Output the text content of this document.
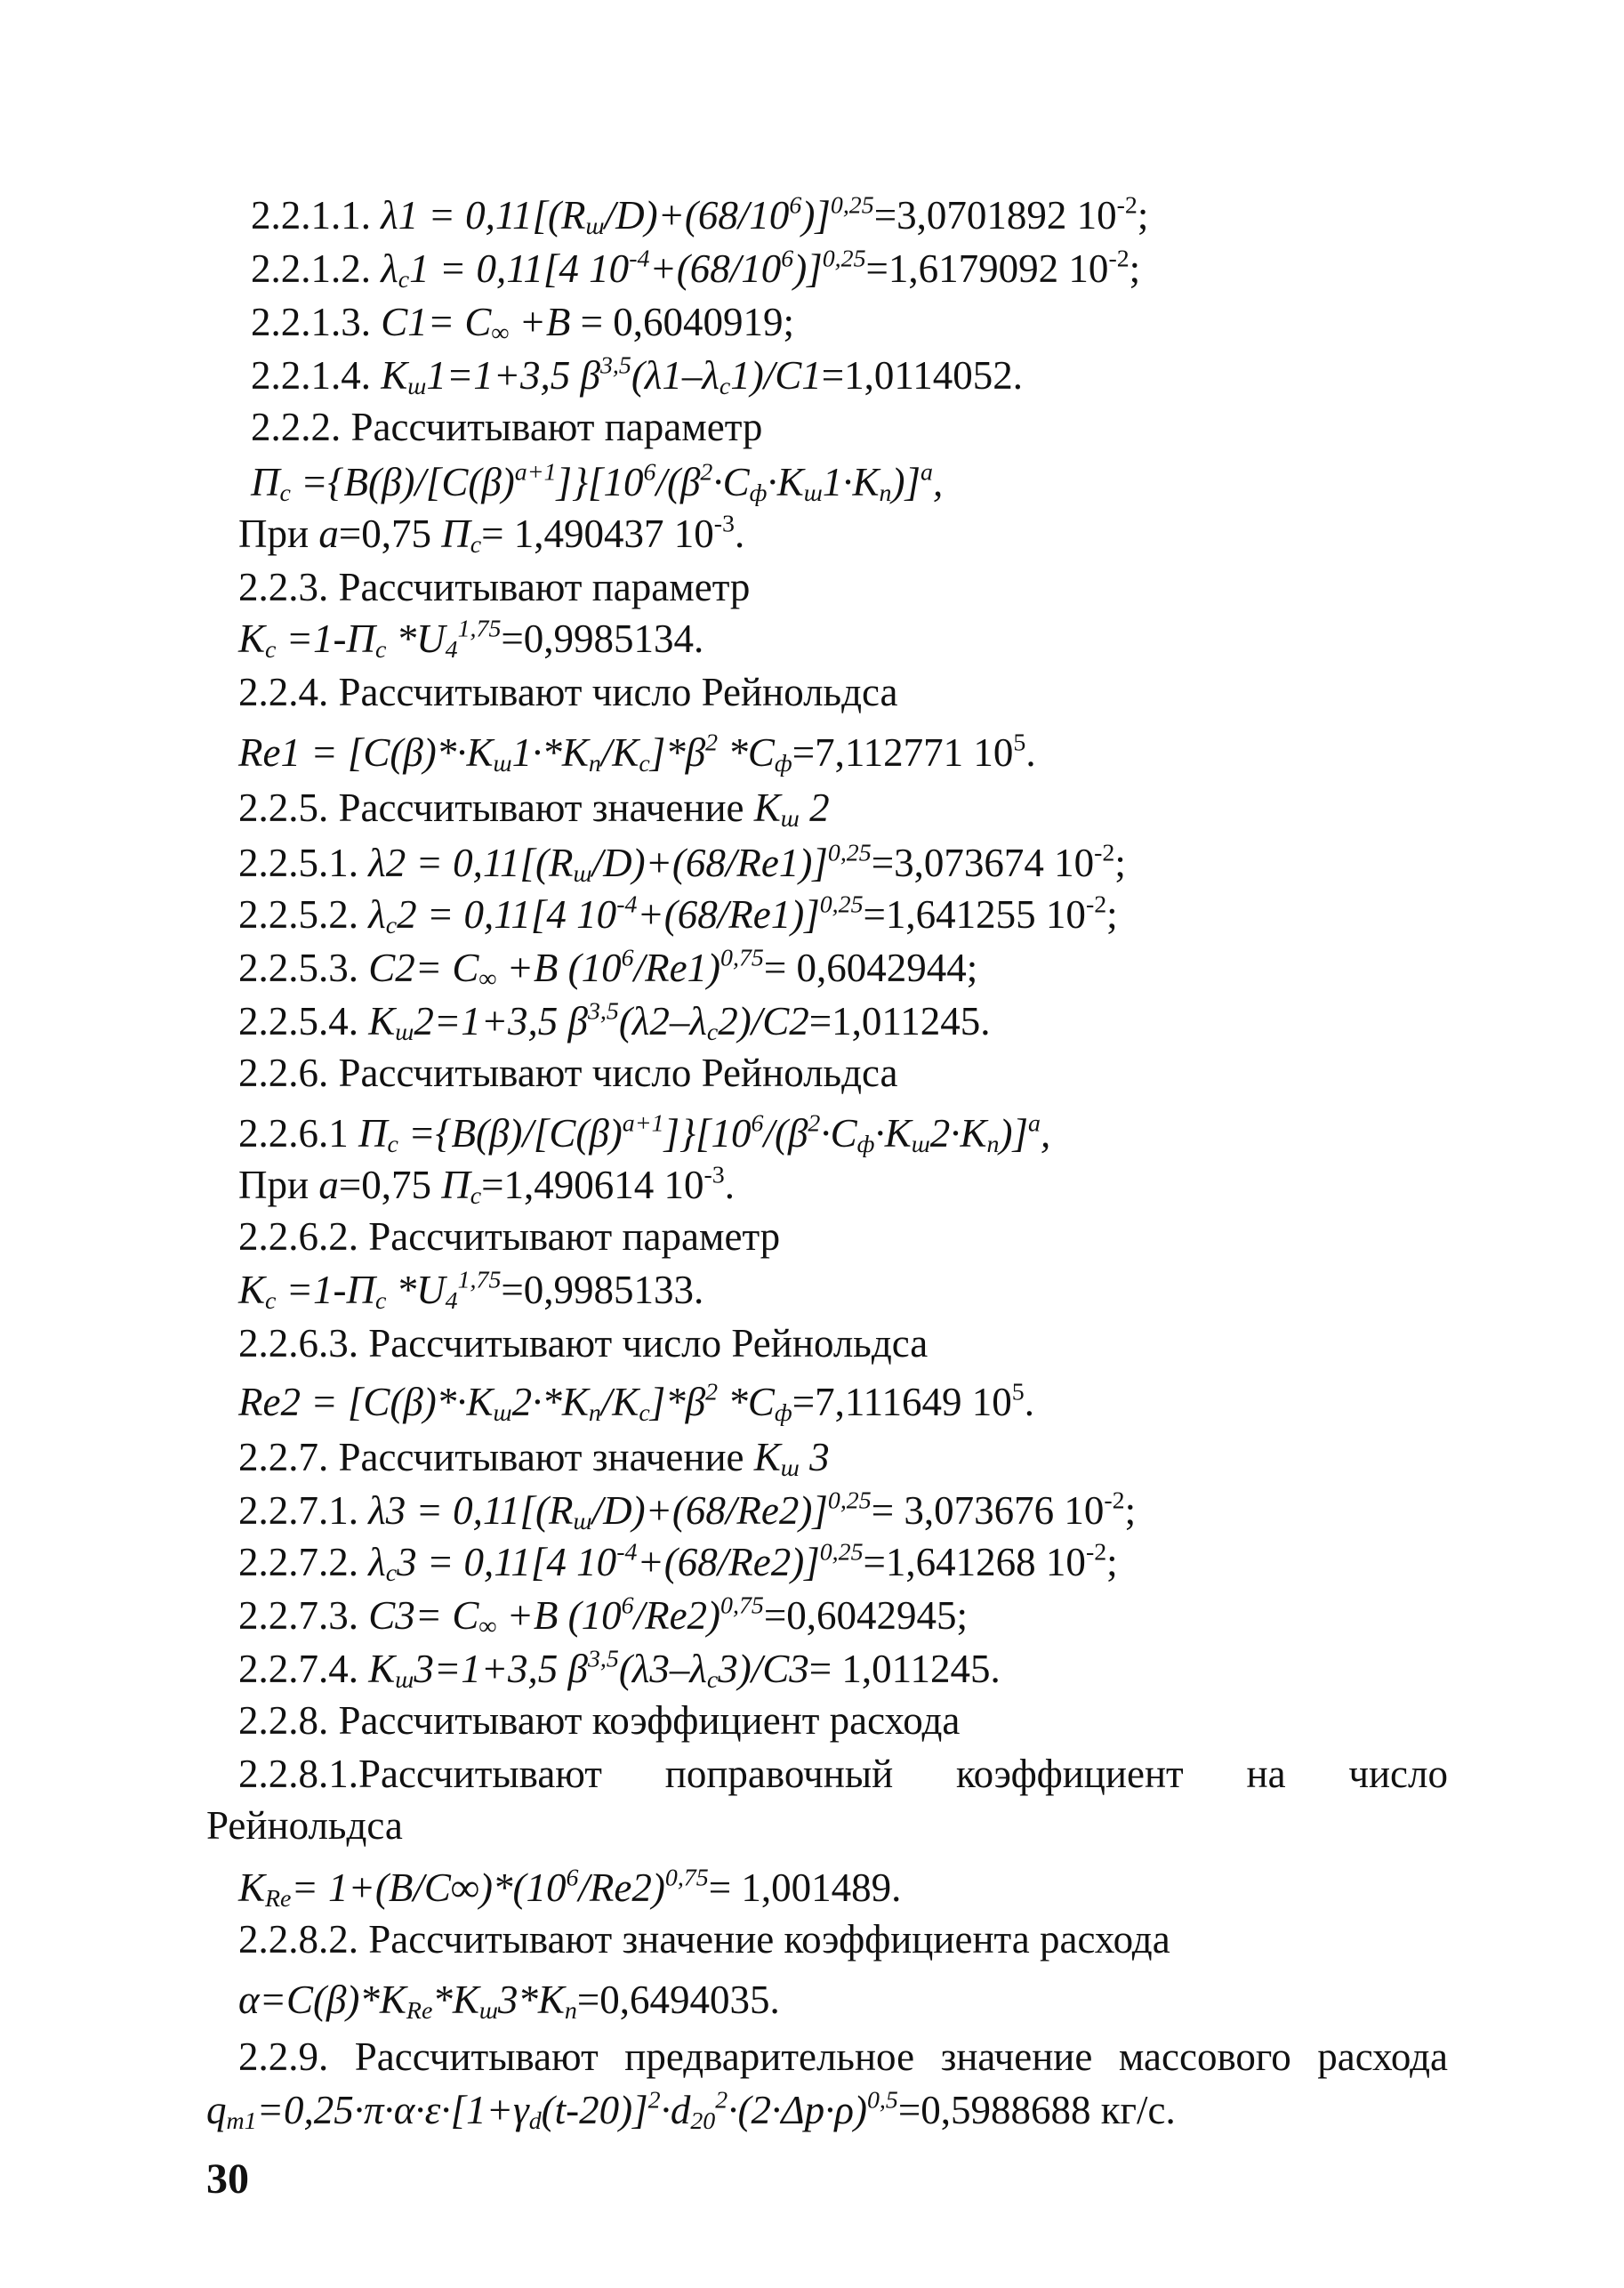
2.2.1.1. $\lambda 1 = 0,11[(R_ш/D)+(68/10^6)]^{0,25}=3,0701892$ $10^{-2}$;
2.2.1.2. $\lambda_c1 = 0,11[4$ $10^{-4}+(68/10^6)]^{0,25}=1,6179092$ $10^{-2}$;
2.2.1.3. $C1= C_\infty +B = 0,6040919$;
2.2.1.4. $K_ш1=1+3,5$ $\beta^{3,5}(\lambda 1-\lambda_c1)/C1=1,0114052$.
2.2.2. Рассчитывают параметр
$П_c =\{B(\beta)/[C(\beta)^{a+1}]\}[10^6/(\beta^2\cdot C_ф\cdot K_ш1\cdot K_п)]^a$,
При a=0,75 $П_c= 1,490437$ $10^{-3}$.
2.2.3. Рассчитывают параметр
$K_c =1-П_c$ $*U_4^{1,75}=0,9985134$.
2.2.4. Рассчитывают число Рейнольдса
$Re1 = [C(\beta)*\cdot K_ш1\cdot*K_п/K_c]*\beta^2$ $*C_ф=7,112771$ $10^5$.
2.2.5. Рассчитывают значение $K_ш$ 2
2.2.5.1. $\lambda 2 = 0,11[(R_ш/D)+(68/Re1)]^{0,25}=3,073674$ $10^{-2}$;
2.2.5.2. $\lambda_c2 = 0,11[4$ $10^{-4}+(68/Re1)]^{0,25}=1,641255$ $10^{-2}$;
2.2.5.3. $C2= C_\infty +B$ $(10^6/Re1)^{0,75}= 0,6042944$;
2.2.5.4. $K_ш2=1+3,5$ $\beta^{3,5}(\lambda 2-\lambda_c2)/C2=1,011245$.
2.2.6. Рассчитывают число Рейнольдса
2.2.6.1 $П_c =\{B(\beta)/[C(\beta)^{a+1}]\}[10^6/(\beta^2\cdot C_ф\cdot K_ш2\cdot K_п)]^a$,
При a=0,75 $П_c=1,490614$ $10^{-3}$.
2.2.6.2. Рассчитывают параметр
$K_c =1-П_c$ $*U_4^{1,75}=0,9985133$.
2.2.6.3. Рассчитывают число Рейнольдса
$Re2 = [C(\beta)*\cdot K_ш2\cdot*K_п/K_c]*\beta^2$ $*C_ф=7,111649$ $10^5$.
2.2.7. Рассчитывают значение $K_ш$ 3
2.2.7.1. $\lambda 3 = 0,11[(R_ш/D)+(68/Re2)]^{0,25}= 3,073676$ $10^{-2}$;
2.2.7.2. $\lambda_c3 = 0,11[4$ $10^{-4}+(68/Re2)]^{0,25}=1,641268$ $10^{-2}$;
2.2.7.3. $C3= C_\infty +B$ $(10^6/Re2)^{0,75}=0,6042945$;
2.2.7.4. $K_ш3=1+3,5$ $\beta^{3,5}(\lambda 3-\lambda_c3)/C3= 1,011245$.
2.2.8. Рассчитывают коэффициент расхода
2.2.8.1.Рассчитывают поправочный коэффициент на число
Рейнольдса
$K_{Re}= 1+(B/C\infty)*(10^6/Re2)^{0,75}= 1,001489$.
2.2.8.2. Рассчитывают значение коэффициента расхода
$\alpha=C(\beta)*K_{Re}*K_ш3*K_п=0,6494035$.
2.2.9. Рассчитывают предварительное значение массового расхода
$q_{m1}=0,25\cdot\pi\cdot\alpha\cdot\varepsilon\cdot[1+\gamma_d(t-20)]^2\cdot d_{20}^2\cdot(2\cdot\Delta p\cdot\rho)^{0,5}=0,5988688$ кг/с.
30
